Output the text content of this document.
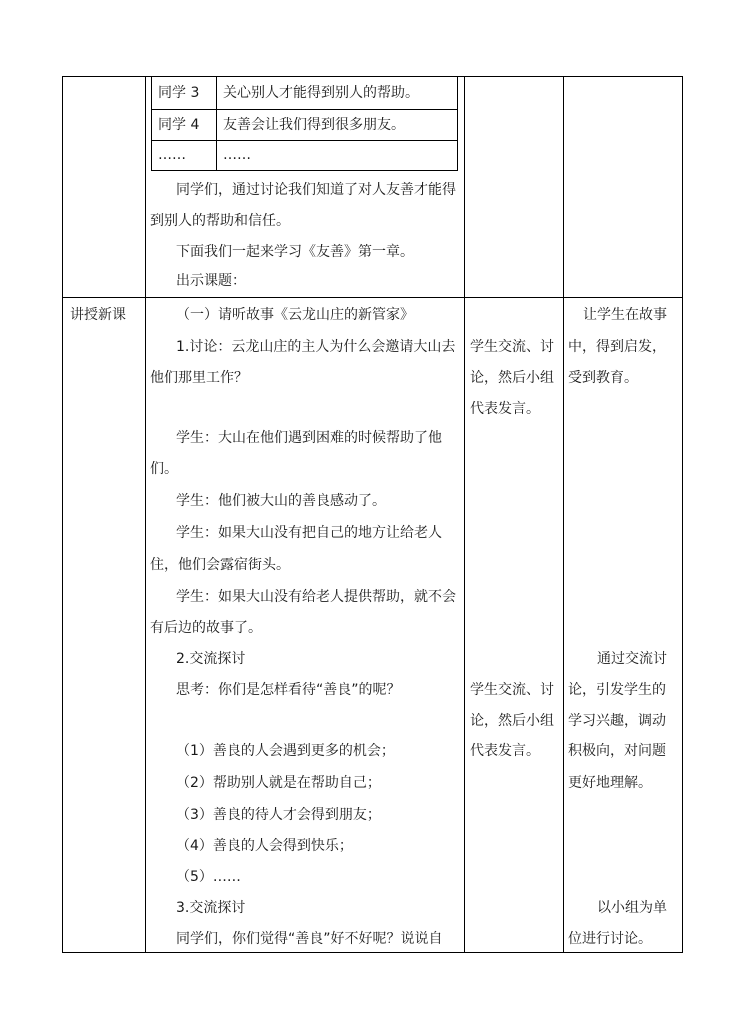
同学 3 关心别人才能得到别人的帮助。
同学 4 友善会让我们得到很多朋友。
……	……
同学们，通过讨论我们知道了对人友善才能得
到别人的帮助和信任。
下面我们一起来学习《友善》第一章。
出示课题：
讲授新课	（一）请听故事《云龙山庄的新管家》
1.讨论：云龙山庄的主人为什么会邀请大山去
他们那里工作？
学生：大山在他们遇到困难的时候帮助了他
们。
学生：他们被大山的善良感动了。
学生：如果大山没有把自己的地方让给老人
住，他们会露宿街头。
学生：如果大山没有给老人提供帮助，就不会
有后边的故事了。
2.交流探讨
思考：你们是怎样看待“善良”的呢？
（1）善良的人会遇到更多的机会；
（2）帮助别人就是在帮助自己；
（3）善良的待人才会得到朋友；
（4）善良的人会得到快乐；
（5）……
3.交流探讨
同学们，你们觉得“善良”好不好呢？说说自
学生交流、讨
论，然后小组
代表发言。
学生交流、讨
论，然后小组
代表发言。
让学生在故事
中，得到启发，
受到教育。
通过交流讨
论，引发学生的
学习兴趣，调动
积极向，对问题
更好地理解。
以小组为单
位进行讨论。
